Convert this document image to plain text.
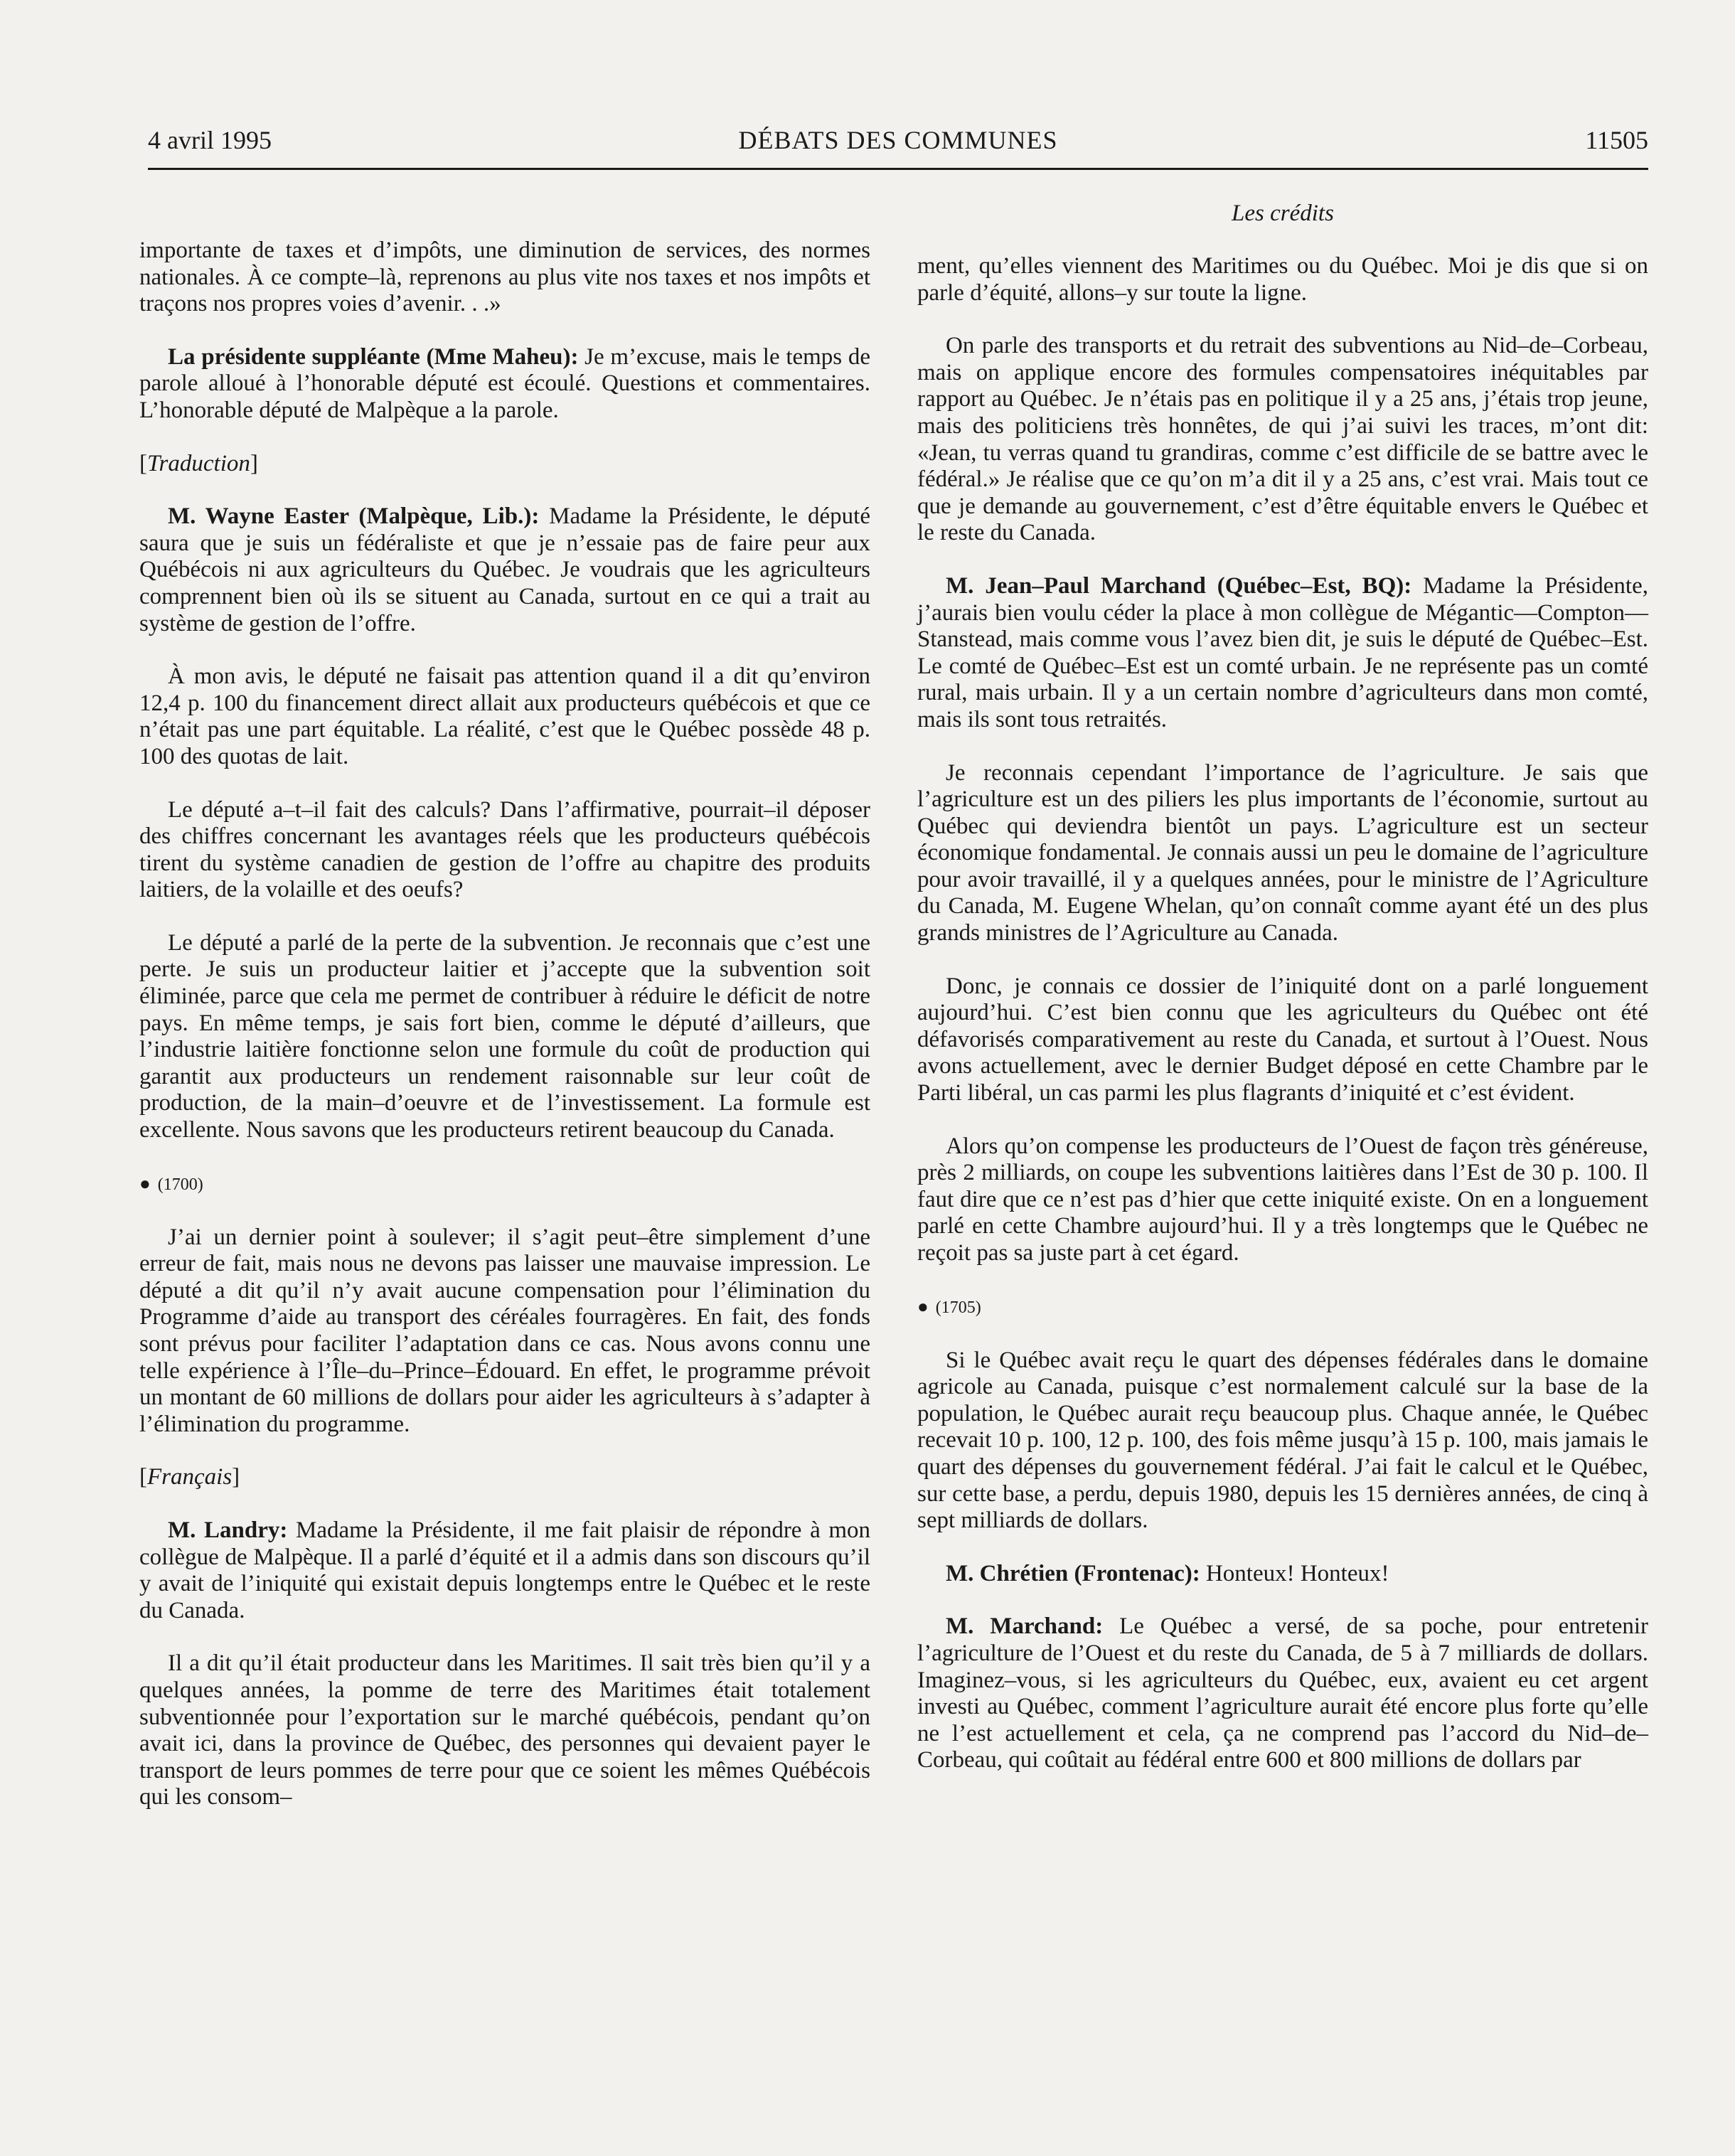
4 avril 1995	DÉBATS DES COMMUNES	11505
Les crédits

importante de taxes et d’impôts, une diminution de services, des normes nationales. À ce compte–là, reprenons au plus vite nos taxes et nos impôts et traçons nos propres voies d’avenir. . .»

La présidente suppléante (Mme Maheu): Je m’excuse, mais le temps de parole alloué à l’honorable député est écoulé. Questions et commentaires. L’honorable député de Malpèque a la parole.

[Traduction]

M. Wayne Easter (Malpèque, Lib.): Madame la Présidente, le député saura que je suis un fédéraliste et que je n’essaie pas de faire peur aux Québécois ni aux agriculteurs du Québec. Je voudrais que les agriculteurs comprennent bien où ils se situent au Canada, surtout en ce qui a trait au système de gestion de l’offre.

À mon avis, le député ne faisait pas attention quand il a dit qu’environ 12,4 p. 100 du financement direct allait aux producteurs québécois et que ce n’était pas une part équitable. La réalité, c’est que le Québec possède 48 p. 100 des quotas de lait.

Le député a–t–il fait des calculs? Dans l’affirmative, pourrait–il déposer des chiffres concernant les avantages réels que les producteurs québécois tirent du système canadien de gestion de l’offre au chapitre des produits laitiers, de la volaille et des oeufs?

Le député a parlé de la perte de la subvention. Je reconnais que c’est une perte. Je suis un producteur laitier et j’accepte que la subvention soit éliminée, parce que cela me permet de contribuer à réduire le déficit de notre pays. En même temps, je sais fort bien, comme le député d’ailleurs, que l’industrie laitière fonctionne selon une formule du coût de production qui garantit aux producteurs un rendement raisonnable sur leur coût de production, de la main–d’oeuvre et de l’investissement. La formule est excellente. Nous savons que les producteurs retirent beaucoup du Canada.

● (1700)

J’ai un dernier point à soulever; il s’agit peut–être simplement d’une erreur de fait, mais nous ne devons pas laisser une mauvaise impression. Le député a dit qu’il n’y avait aucune compensation pour l’élimination du Programme d’aide au transport des céréales fourragères. En fait, des fonds sont prévus pour faciliter l’adaptation dans ce cas. Nous avons connu une telle expérience à l’Île–du–Prince–Édouard. En effet, le programme prévoit un montant de 60 millions de dollars pour aider les agriculteurs à s’adapter à l’élimination du programme.

[Français]

M. Landry: Madame la Présidente, il me fait plaisir de répondre à mon collègue de Malpèque. Il a parlé d’équité et il a admis dans son discours qu’il y avait de l’iniquité qui existait depuis longtemps entre le Québec et le reste du Canada.

Il a dit qu’il était producteur dans les Maritimes. Il sait très bien qu’il y a quelques années, la pomme de terre des Maritimes était totalement subventionnée pour l’exportation sur le marché québécois, pendant qu’on avait ici, dans la province de Québec, des personnes qui devaient payer le transport de leurs pommes de terre pour que ce soient les mêmes Québécois qui les consom–

ment, qu’elles viennent des Maritimes ou du Québec. Moi je dis que si on parle d’équité, allons–y sur toute la ligne.

On parle des transports et du retrait des subventions au Nid–de–Corbeau, mais on applique encore des formules compensatoires inéquitables par rapport au Québec. Je n’étais pas en politique il y a 25 ans, j’étais trop jeune, mais des politiciens très honnêtes, de qui j’ai suivi les traces, m’ont dit: «Jean, tu verras quand tu grandiras, comme c’est difficile de se battre avec le fédéral.» Je réalise que ce qu’on m’a dit il y a 25 ans, c’est vrai. Mais tout ce que je demande au gouvernement, c’est d’être équitable envers le Québec et le reste du Canada.

M. Jean–Paul Marchand (Québec–Est, BQ): Madame la Présidente, j’aurais bien voulu céder la place à mon collègue de Mégantic—Compton—Stanstead, mais comme vous l’avez bien dit, je suis le député de Québec–Est. Le comté de Québec–Est est un comté urbain. Je ne représente pas un comté rural, mais urbain. Il y a un certain nombre d’agriculteurs dans mon comté, mais ils sont tous retraités.

Je reconnais cependant l’importance de l’agriculture. Je sais que l’agriculture est un des piliers les plus importants de l’économie, surtout au Québec qui deviendra bientôt un pays. L’agriculture est un secteur économique fondamental. Je connais aussi un peu le domaine de l’agriculture pour avoir travaillé, il y a quelques années, pour le ministre de l’Agriculture du Canada, M. Eugene Whelan, qu’on connaît comme ayant été un des plus grands ministres de l’Agriculture au Canada.

Donc, je connais ce dossier de l’iniquité dont on a parlé longuement aujourd’hui. C’est bien connu que les agriculteurs du Québec ont été défavorisés comparativement au reste du Canada, et surtout à l’Ouest. Nous avons actuellement, avec le dernier Budget déposé en cette Chambre par le Parti libéral, un cas parmi les plus flagrants d’iniquité et c’est évident.

Alors qu’on compense les producteurs de l’Ouest de façon très généreuse, près 2 milliards, on coupe les subventions laitières dans l’Est de 30 p. 100. Il faut dire que ce n’est pas d’hier que cette iniquité existe. On en a longuement parlé en cette Chambre aujourd’hui. Il y a très longtemps que le Québec ne reçoit pas sa juste part à cet égard.

● (1705)

Si le Québec avait reçu le quart des dépenses fédérales dans le domaine agricole au Canada, puisque c’est normalement calculé sur la base de la population, le Québec aurait reçu beaucoup plus. Chaque année, le Québec recevait 10 p. 100, 12 p. 100, des fois même jusqu’à 15 p. 100, mais jamais le quart des dépenses du gouvernement fédéral. J’ai fait le calcul et le Québec, sur cette base, a perdu, depuis 1980, depuis les 15 dernières années, de cinq à sept milliards de dollars.

M. Chrétien (Frontenac): Honteux! Honteux!

M. Marchand: Le Québec a versé, de sa poche, pour entretenir l’agriculture de l’Ouest et du reste du Canada, de 5 à 7 milliards de dollars. Imaginez–vous, si les agriculteurs du Québec, eux, avaient eu cet argent investi au Québec, comment l’agriculture aurait été encore plus forte qu’elle ne l’est actuellement et cela, ça ne comprend pas l’accord du Nid–de–Corbeau, qui coûtait au fédéral entre 600 et 800 millions de dollars par
